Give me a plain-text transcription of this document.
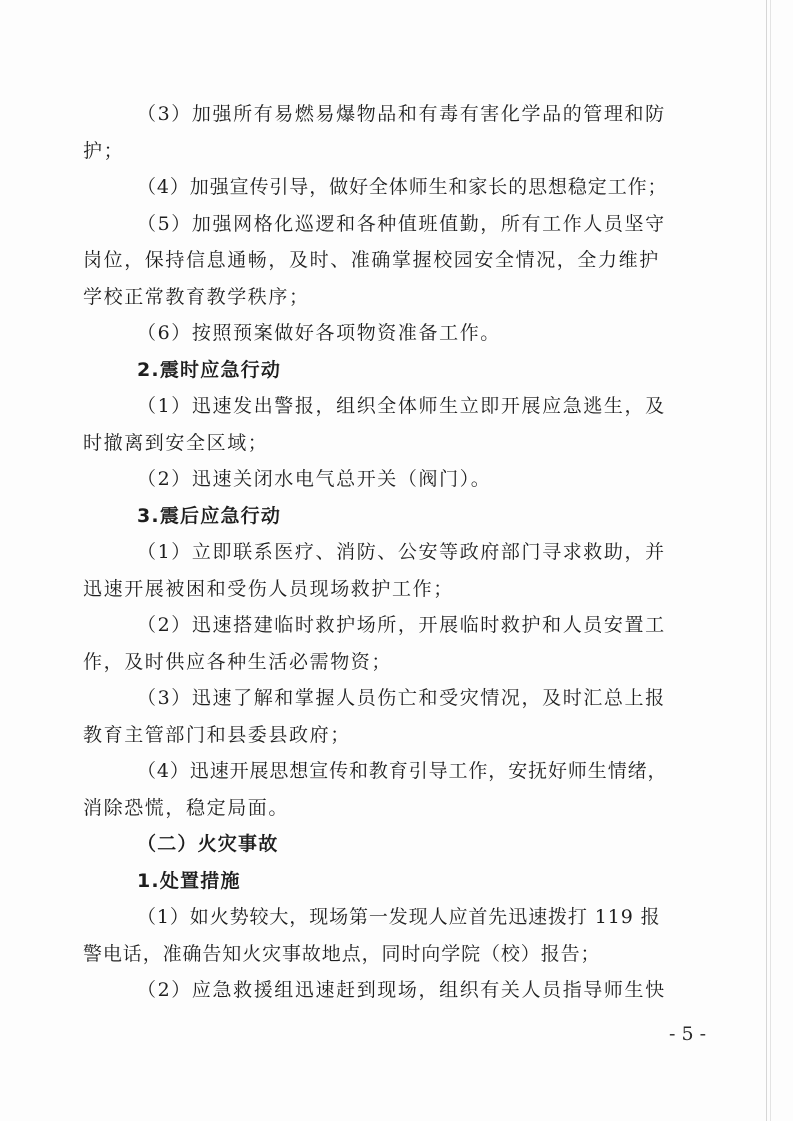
（3）加强所有易燃易爆物品和有毒有害化学品的管理和防
护；
（4）加强宣传引导，做好全体师生和家长的思想稳定工作；
（5）加强网格化巡逻和各种值班值勤，所有工作人员坚守
岗位，保持信息通畅，及时、准确掌握校园安全情况，全力维护
学校正常教育教学秩序；
（6）按照预案做好各项物资准备工作。
2.震时应急行动
（1）迅速发出警报，组织全体师生立即开展应急逃生，及
时撤离到安全区域；
（2）迅速关闭水电气总开关（阀门）。
3.震后应急行动
（1）立即联系医疗、消防、公安等政府部门寻求救助，并
迅速开展被困和受伤人员现场救护工作；
（2）迅速搭建临时救护场所，开展临时救护和人员安置工
作，及时供应各种生活必需物资；
（3）迅速了解和掌握人员伤亡和受灾情况，及时汇总上报
教育主管部门和县委县政府；
（4）迅速开展思想宣传和教育引导工作，安抚好师生情绪，
消除恐慌，稳定局面。
（二）火灾事故
1.处置措施
（1）如火势较大，现场第一发现人应首先迅速拨打 119 报
警电话，准确告知火灾事故地点，同时向学院（校）报告；
（2）应急救援组迅速赶到现场，组织有关人员指导师生快
- 5 -
